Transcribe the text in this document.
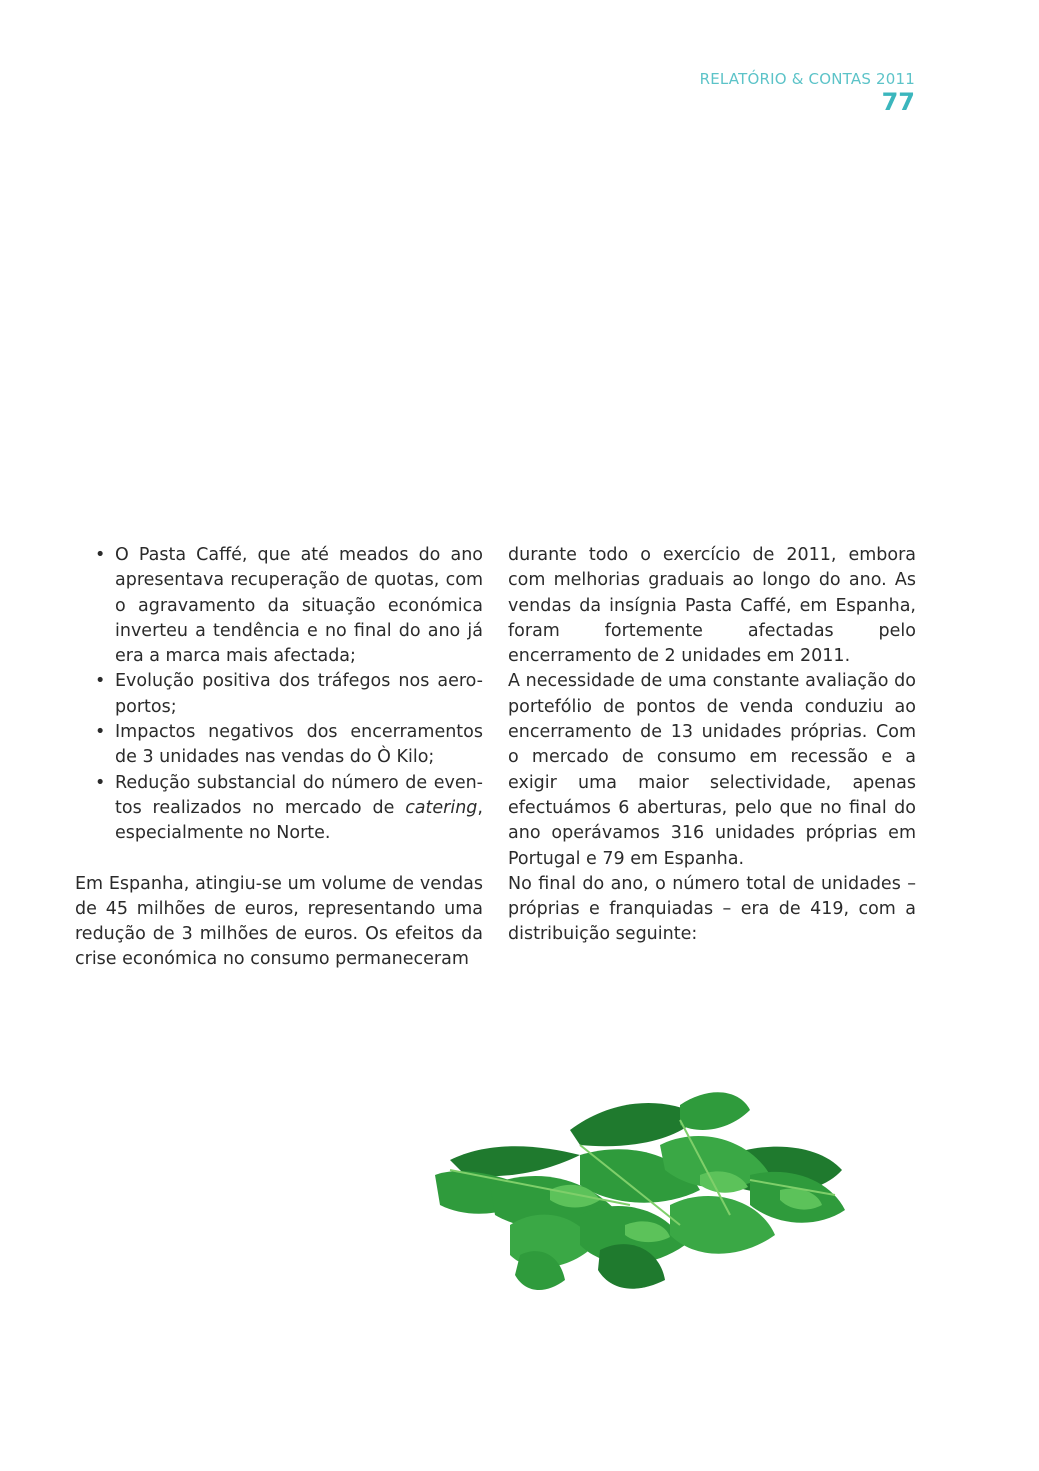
RELATÓRIO & CONTAS 2011
77
• O Pasta Caffé, que até meados do ano apresentava recuperação de quotas, com o agravamento da situação económica inverteu a tendência e no final do ano já era a marca mais afectada;
• Evolução positiva dos tráfegos nos aero-portos;
• Impactos negativos dos encerramentos de 3 unidades nas vendas do Ò Kilo;
• Redução substancial do número de even-tos realizados no mercado de catering, especialmente no Norte.

Em Espanha, atingiu-se um volume de vendas de 45 milhões de euros, representando uma redução de 3 milhões de euros. Os efeitos da crise económica no consumo permaneceram

durante todo o exercício de 2011, embora com melhorias graduais ao longo do ano. As vendas da insígnia Pasta Caffé, em Espanha, foram fortemente afectadas pelo encerramento de 2 unidades em 2011.

A necessidade de uma constante avaliação do portefólio de pontos de venda conduziu ao encerramento de 13 unidades próprias. Com o mercado de consumo em recessão e a exigir uma maior selectividade, apenas efectuámos 6 aberturas, pelo que no final do ano operávamos 316 unidades próprias em Portugal e 79 em Espanha.

No final do ano, o número total de unidades – próprias e franquiadas – era de 419, com a distribuição seguinte:
